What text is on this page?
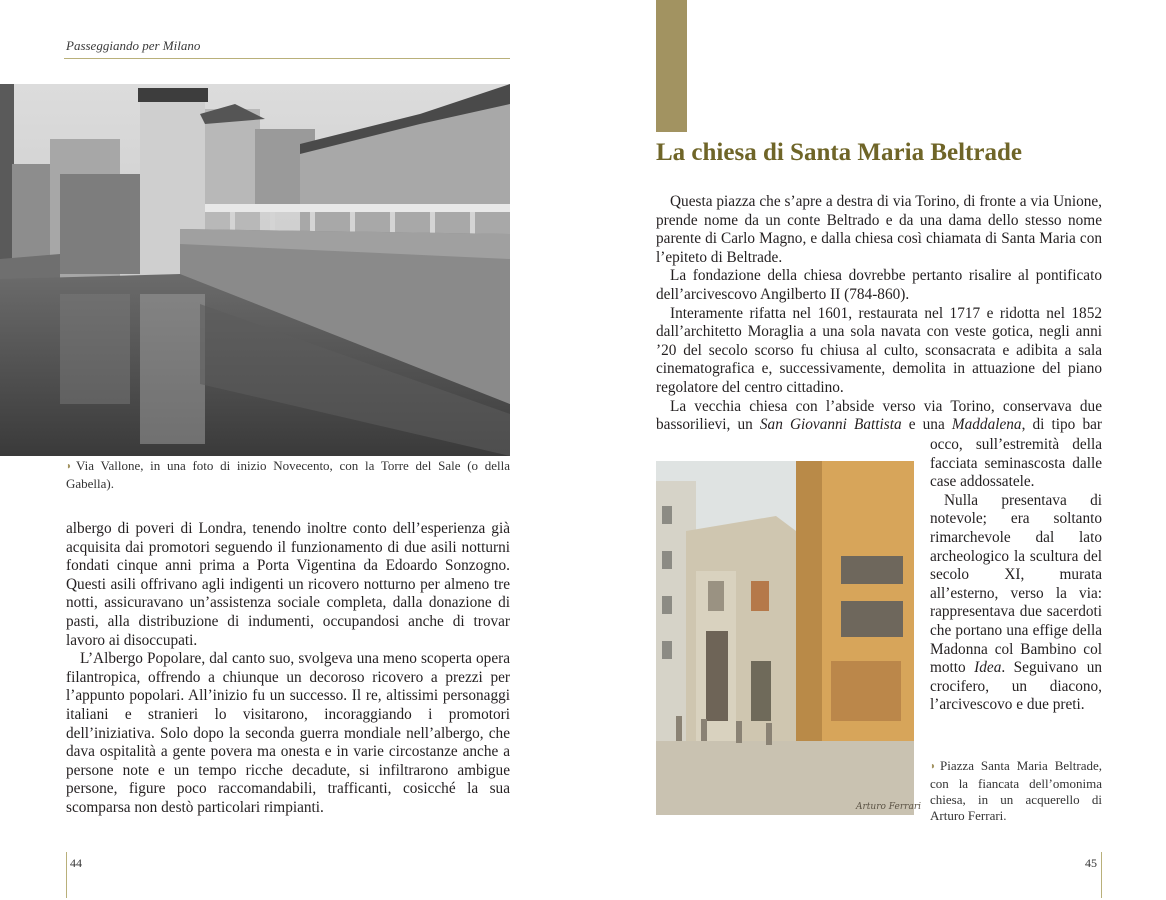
Passeggiando per Milano
◗ Via Vallone, in una foto di inizio Novecento, con la Torre del Sale (o della Gabella).

albergo di poveri di Londra, tenendo inoltre conto dell’esperienza già acquisita dai promotori seguendo il funzionamento di due asili notturni fondati cinque anni prima a Porta Vigentina da Edoardo Sonzogno. Questi asili offrivano agli indigenti un ricovero notturno per almeno tre notti, assicuravano un’assistenza sociale completa, dalla donazione di pasti, alla distribuzione di indumenti, occupandosi anche di trovar lavoro ai disoccupati.

L’Albergo Popolare, dal canto suo, svolgeva una meno scoperta opera filantropica, offrendo a chiunque un decoroso ricovero a prezzi per l’appunto popolari. All’inizio fu un successo. Il re, altissimi personaggi italiani e stranieri lo visitarono, incoraggiando i promotori dell’iniziativa. Solo dopo la seconda guerra mondiale nell’albergo, che dava ospitalità a gente povera ma onesta e in varie circostanze anche a persone note e un tempo ricche decadute, si infiltrarono ambigue persone, figure poco raccomandabili, trafficanti, cosicché la sua scomparsa non destò particolari rimpianti.

44
La chiesa di Santa Maria Beltrade

Questa piazza che s’apre a destra di via Torino, di fronte a via Unione, prende nome da un conte Beltrado e da una dama dello stesso nome parente di Carlo Magno, e dalla chiesa così chiamata di Santa Maria con l’epiteto di Beltrade.

La fondazione della chiesa dovrebbe pertanto risalire al pontificato dell’arcivescovo Angilberto II (784-860).

Interamente rifatta nel 1601, restaurata nel 1717 e ridotta nel 1852 dall’architetto Moraglia a una sola navata con veste gotica, negli anni ’20 del secolo scorso fu chiusa al culto, sconsacrata e adibita a sala cinematografica e, successivamente, demolita in attuazione del piano regolatore del centro cittadino.

La vecchia chiesa con l’abside verso via Torino, conservava due bassorilievi, un San Giovanni Battista e una Maddalena, di tipo bar

occo, sull’estremità della facciata seminascosta dalle case addossatele.

Nulla presentava di notevole; era soltanto rimarchevole dal lato archeologico la scultura del secolo XI, murata all’esterno, verso la via: rappresentava due sacerdoti che portano una effige della Madonna col Bambino col motto Idea. Seguivano un crocifero, un diacono, l’arcivescovo e due preti.

Arturo Ferrari
◗ Piazza Santa Maria Beltrade, con la fiancata dell’omonima chiesa, in un acquerello di Arturo Ferrari.
45
